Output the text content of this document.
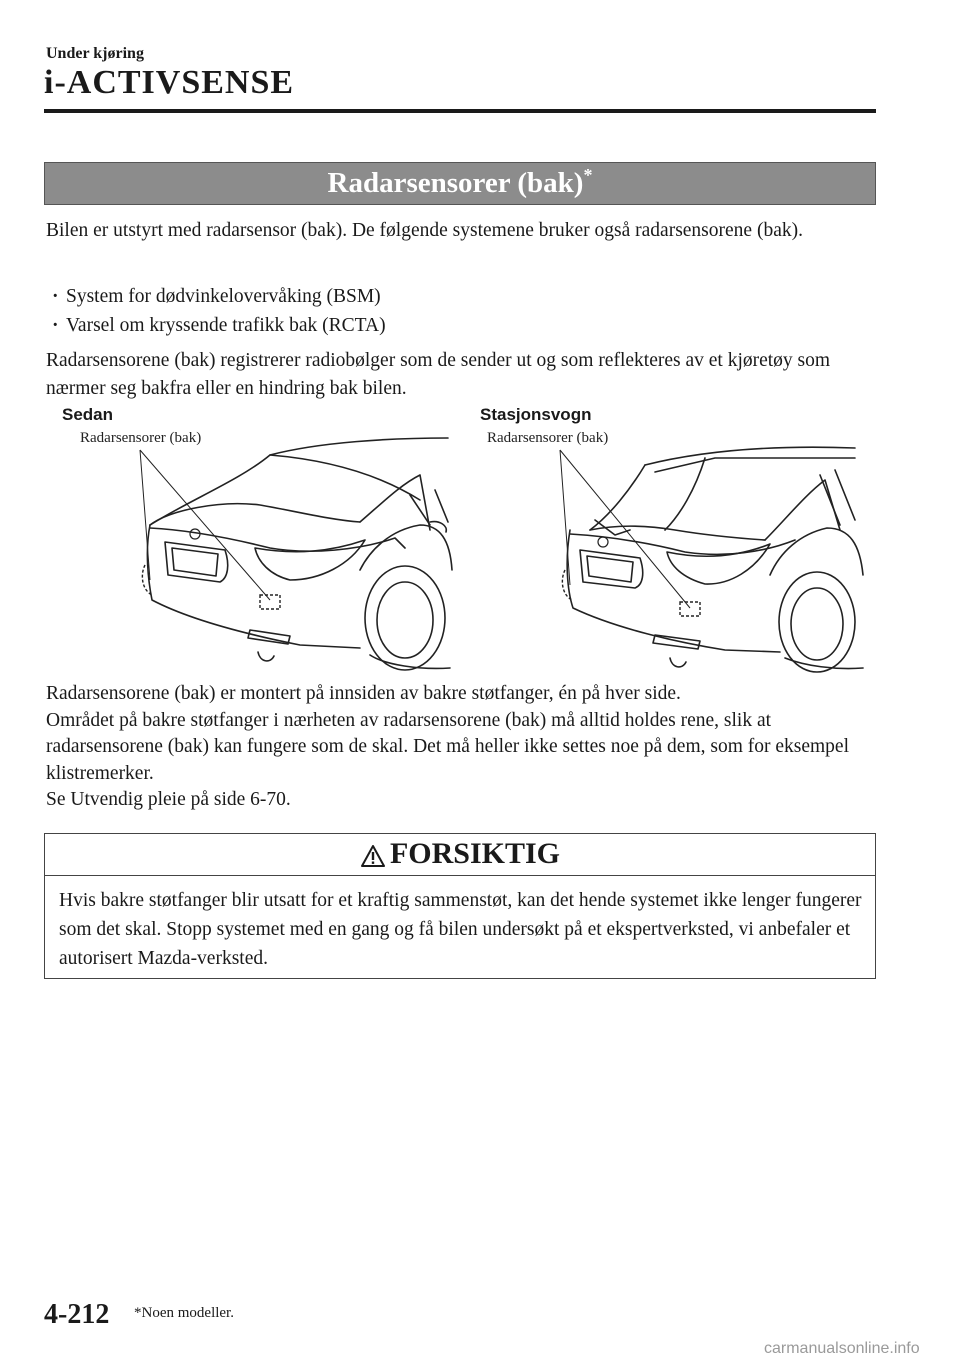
Under kjøring
i-ACTIVSENSE
Radarsensorer (bak)*

Bilen er utstyrt med radarsensor (bak). De følgende systemene bruker også radarsensorene (bak).

· System for dødvinkelovervåking (BSM)
· Varsel om kryssende trafikk bak (RCTA)

Radarsensorene (bak) registrerer radiobølger som de sender ut og som reflekteres av et kjøretøy som nærmer seg bakfra eller en hindring bak bilen.

Sedan
Radarsensorer (bak)
Stasjonsvogn
Radarsensorer (bak)

Radarsensorene (bak) er montert på innsiden av bakre støtfanger, én på hver side.

Området på bakre støtfanger i nærheten av radarsensorene (bak) må alltid holdes rene, slik at radarsensorene (bak) kan fungere som de skal. Det må heller ikke settes noe på dem, som for eksempel klistremerker.

Se Utvendig pleie på side 6-70.

FORSIKTIG
Hvis bakre støtfanger blir utsatt for et kraftig sammenstøt, kan det hende systemet ikke lenger fungerer som det skal. Stopp systemet med en gang og få bilen undersøkt på et ekspertverksted, vi anbefaler et autorisert Mazda-verksted.
4-212 *Noen modeller.
carmanualsonline.info
